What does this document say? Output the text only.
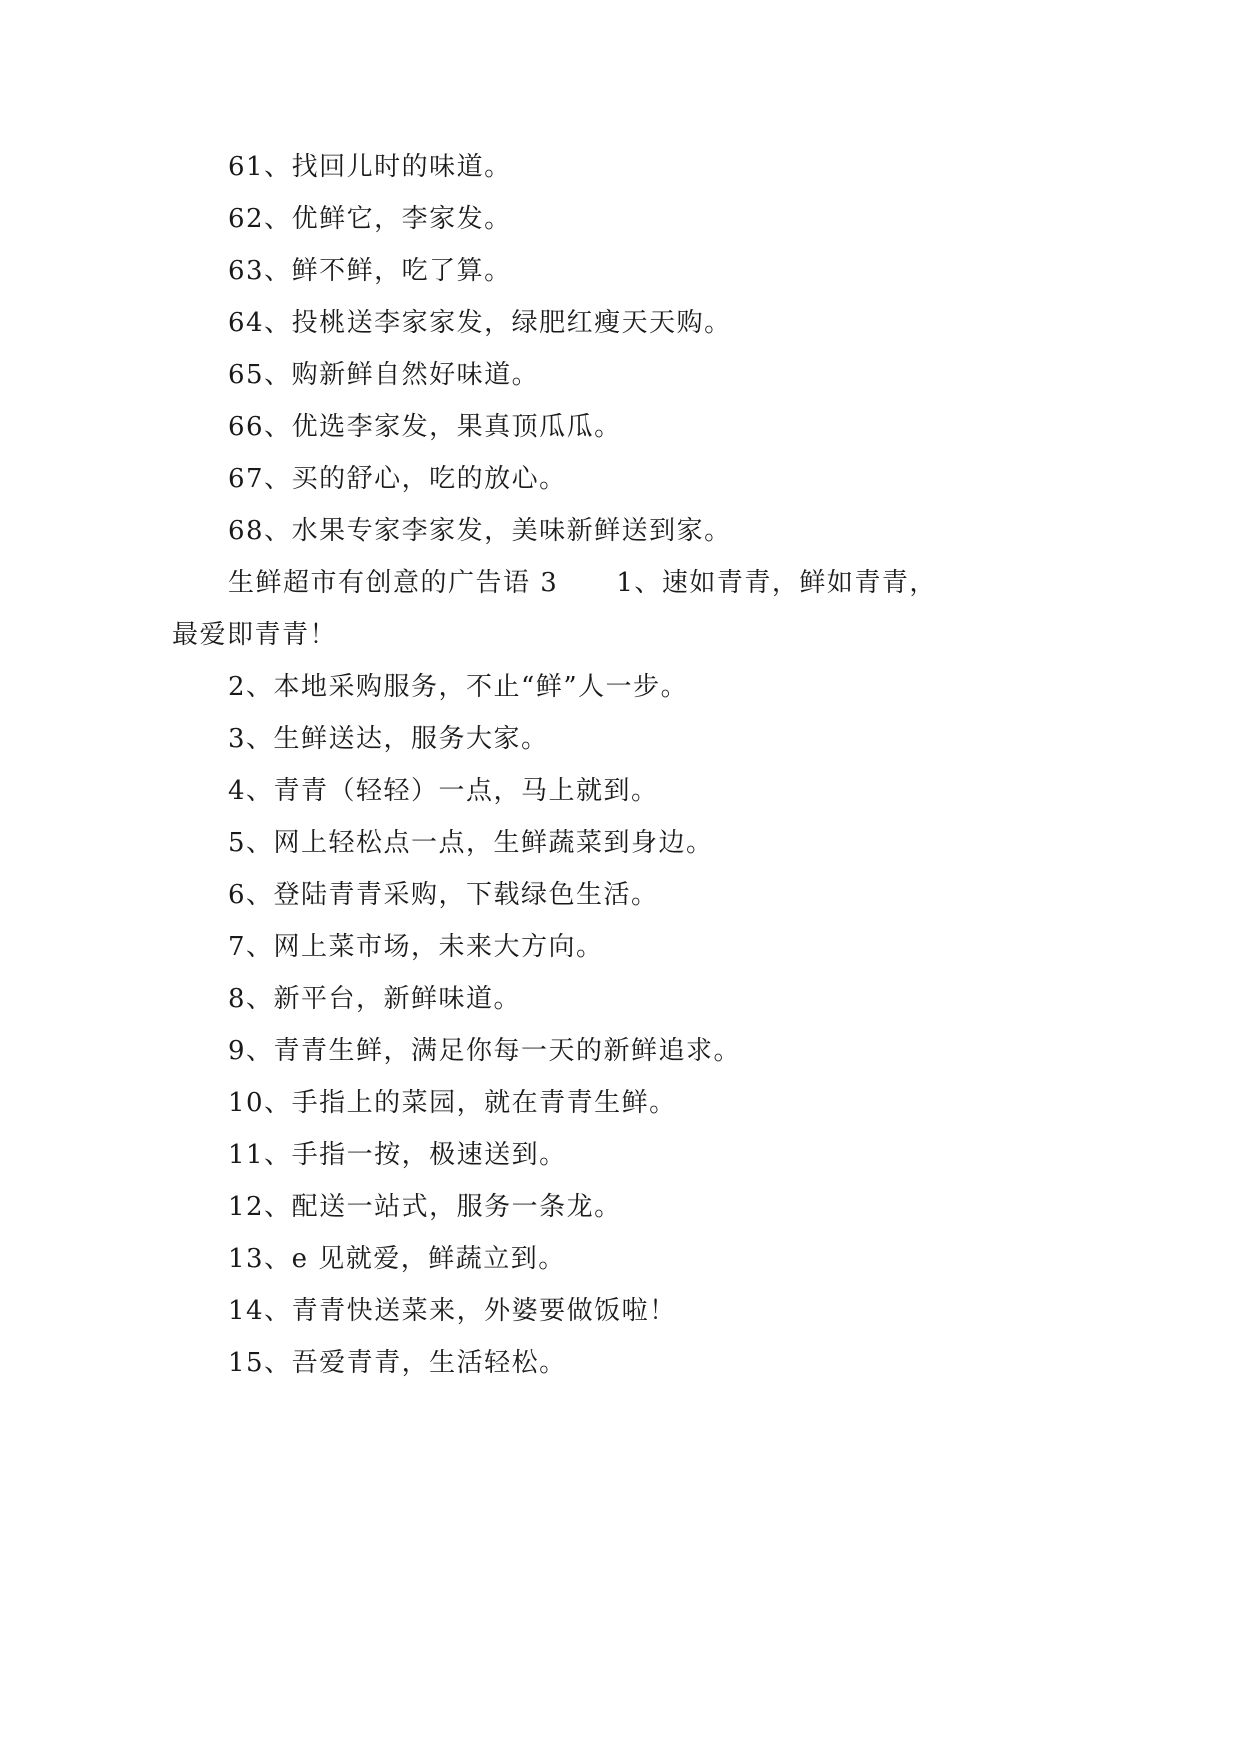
61、找回儿时的味道。
62、优鲜它，李家发。
63、鲜不鲜，吃了算。
64、投桃送李家家发，绿肥红瘦天天购。
65、购新鲜自然好味道。
66、优选李家发，果真顶瓜瓜。
67、买的舒心，吃的放心。
68、水果专家李家发，美味新鲜送到家。
生鲜超市有创意的广告语 3 1、速如青青，鲜如青青，
最爱即青青！
2、本地采购服务，不止“鲜”人一步。
3、生鲜送达，服务大家。
4、青青（轻轻）一点，马上就到。
5、网上轻松点一点，生鲜蔬菜到身边。
6、登陆青青采购，下载绿色生活。
7、网上菜市场，未来大方向。
8、新平台，新鲜味道。
9、青青生鲜，满足你每一天的新鲜追求。
10、手指上的菜园，就在青青生鲜。
11、手指一按，极速送到。
12、配送一站式，服务一条龙。
13、e 见就爱，鲜蔬立到。
14、青青快送菜来，外婆要做饭啦！
15、吾爱青青，生活轻松。
